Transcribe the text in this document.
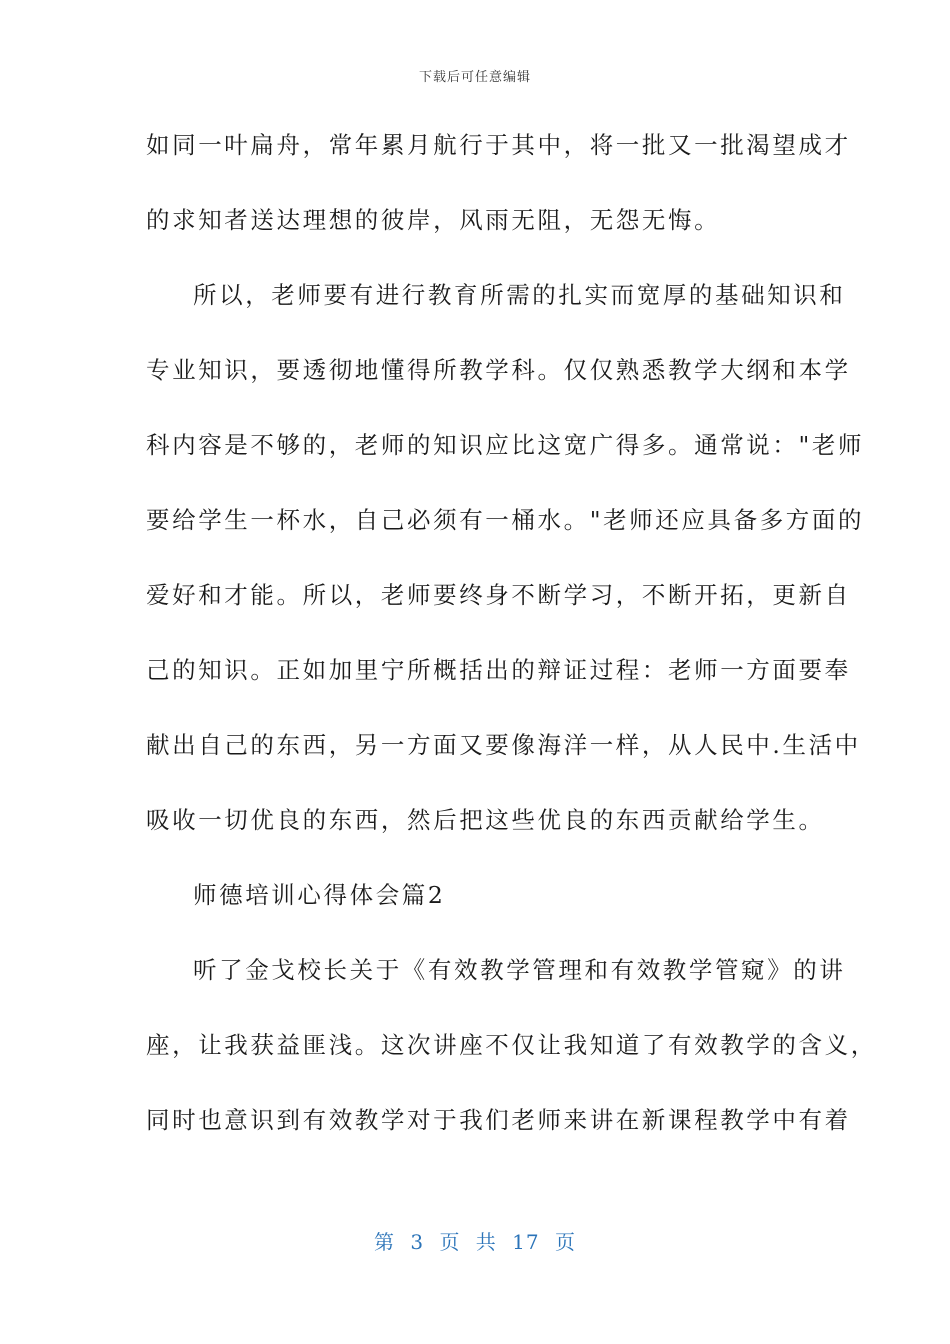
下载后可任意编辑
如同一叶扁舟，常年累月航行于其中，将一批又一批渴望成才
的求知者送达理想的彼岸，风雨无阻，无怨无悔。
所以，老师要有进行教育所需的扎实而宽厚的基础知识和
专业知识，要透彻地懂得所教学科。仅仅熟悉教学大纲和本学
科内容是不够的，老师的知识应比这宽广得多。通常说："老师
要给学生一杯水，自己必须有一桶水。"老师还应具备多方面的
爱好和才能。所以，老师要终身不断学习，不断开拓，更新自
己的知识。正如加里宁所概括出的辩证过程：老师一方面要奉
献出自己的东西，另一方面又要像海洋一样，从人民中.生活中
吸收一切优良的东西，然后把这些优良的东西贡献给学生。
师德培训心得体会篇2
听了金戈校长关于《有效教学管理和有效教学管窥》的讲
座，让我获益匪浅。这次讲座不仅让我知道了有效教学的含义，
同时也意识到有效教学对于我们老师来讲在新课程教学中有着
第 3 页 共 17 页
